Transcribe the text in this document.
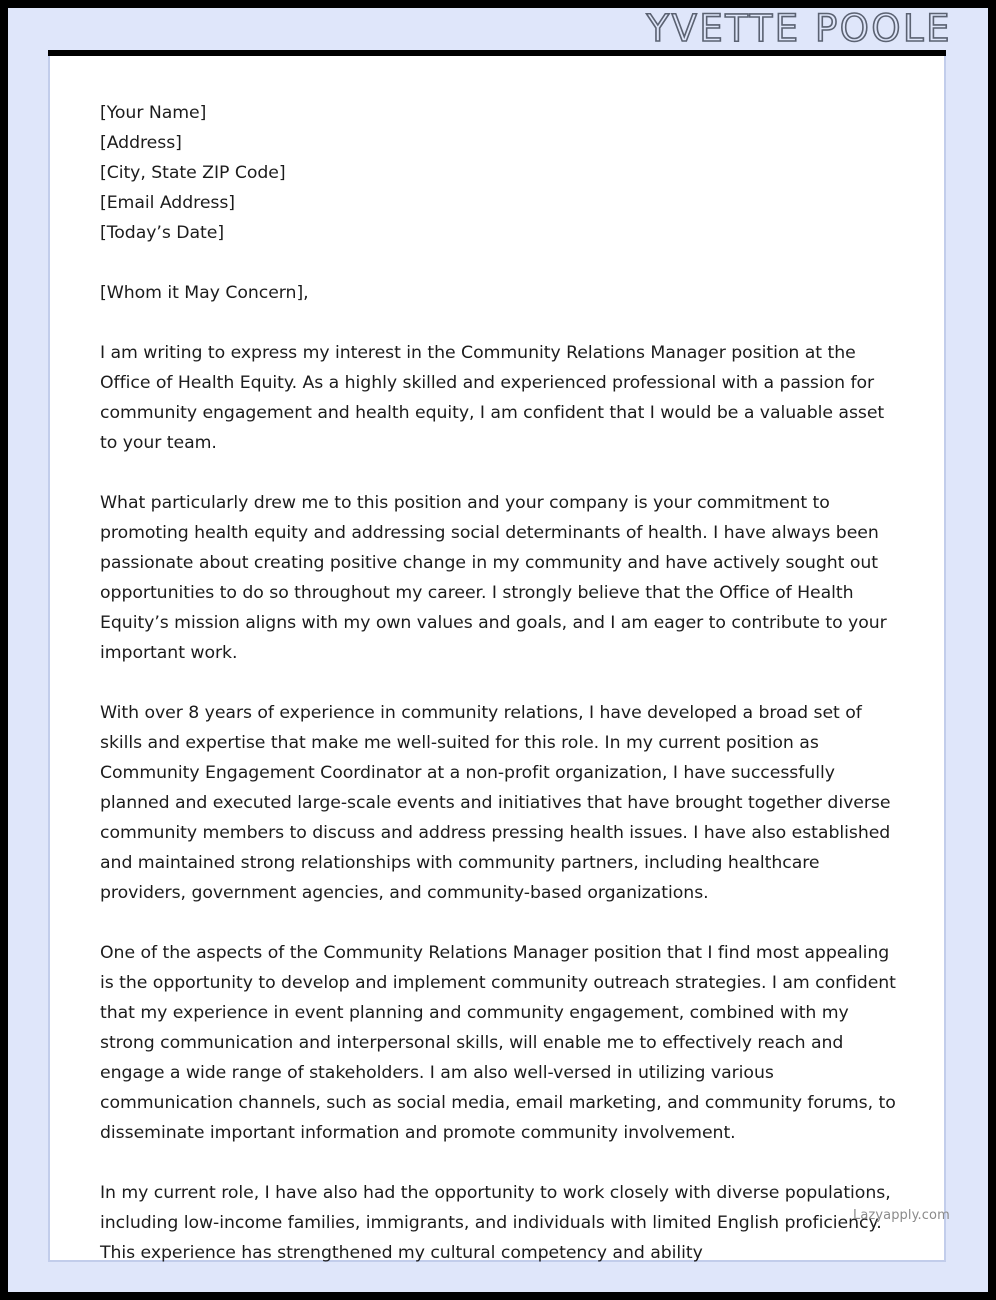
YVETTE POOLE
[Your Name]
[Address]
[City, State ZIP Code]
[Email Address]
[Today’s Date]
[Whom it May Concern],

I am writing to express my interest in the Community Relations Manager position at the Office of Health Equity. As a highly skilled and experienced professional with a passion for community engagement and health equity, I am confident that I would be a valuable asset to your team.

What particularly drew me to this position and your company is your commitment to promoting health equity and addressing social determinants of health. I have always been passionate about creating positive change in my community and have actively sought out opportunities to do so throughout my career. I strongly believe that the Office of Health Equity’s mission aligns with my own values and goals, and I am eager to contribute to your important work.

With over 8 years of experience in community relations, I have developed a broad set of skills and expertise that make me well-suited for this role. In my current position as Community Engagement Coordinator at a non-profit organization, I have successfully planned and executed large-scale events and initiatives that have brought together diverse community members to discuss and address pressing health issues. I have also established and maintained strong relationships with community partners, including healthcare providers, government agencies, and community-based organizations.

One of the aspects of the Community Relations Manager position that I find most appealing is the opportunity to develop and implement community outreach strategies. I am confident that my experience in event planning and community engagement, combined with my strong communication and interpersonal skills, will enable me to effectively reach and engage a wide range of stakeholders. I am also well-versed in utilizing various communication channels, such as social media, email marketing, and community forums, to disseminate important information and promote community involvement.

In my current role, I have also had the opportunity to work closely with diverse populations, including low-income families, immigrants, and individuals with limited English proficiency. This experience has strengthened my cultural competency and ability

Lazyapply.com
